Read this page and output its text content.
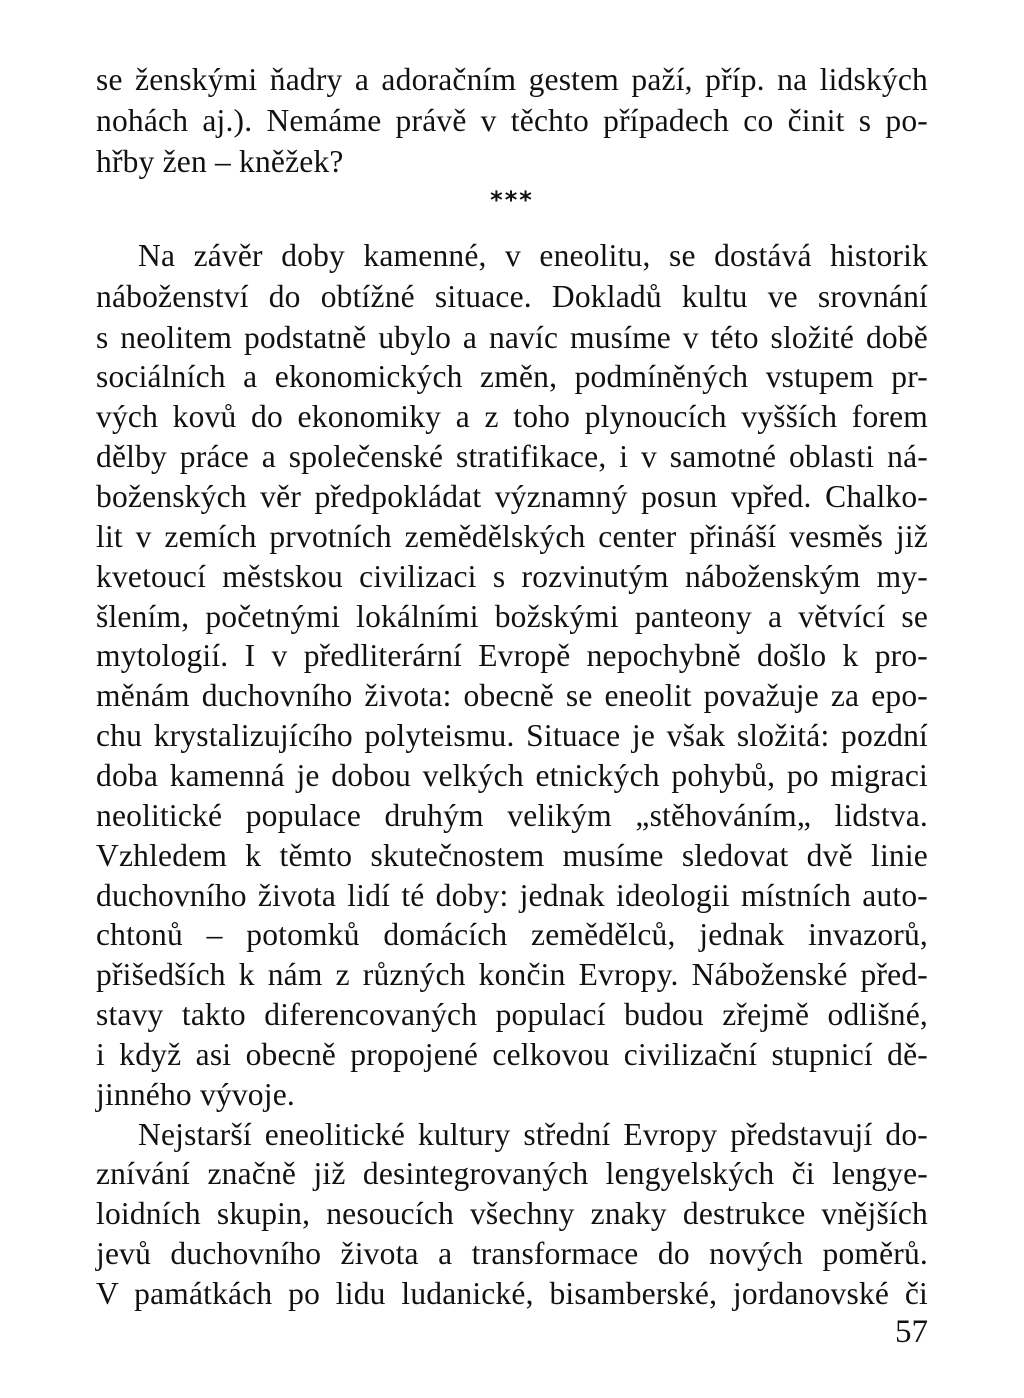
se ženskými ňadry a adoračním gestem paží, příp. na lidských
nohách aj.). Nemáme právě v těchto případech co činit s po-
hřby žen – kněžek?
***
Na závěr doby kamenné, v eneolitu, se dostává historik
náboženství do obtížné situace. Dokladů kultu ve srovnání
s neolitem podstatně ubylo a navíc musíme v této složité době
sociálních a ekonomických změn, podmíněných vstupem pr-
vých kovů do ekonomiky a z toho plynoucích vyšších forem
dělby práce a společenské stratifikace, i v samotné oblasti ná-
boženských věr předpokládat významný posun vpřed. Chalko-
lit v zemích prvotních zemědělských center přináší vesměs již
kvetoucí městskou civilizaci s rozvinutým náboženským my-
šlením, početnými lokálními božskými panteony a větvící se
mytologií. I v předliterární Evropě nepochybně došlo k pro-
měnám duchovního života: obecně se eneolit považuje za epo-
chu krystalizujícího polyteismu. Situace je však složitá: pozdní
doba kamenná je dobou velkých etnických pohybů, po migraci
neolitické populace druhým velikým „stěhováním„ lidstva.
Vzhledem k těmto skutečnostem musíme sledovat dvě linie
duchovního života lidí té doby: jednak ideologii místních auto-
chtonů – potomků domácích zemědělců, jednak invazorů,
přišedších k nám z různých končin Evropy. Náboženské před-
stavy takto diferencovaných populací budou zřejmě odlišné,
i když asi obecně propojené celkovou civilizační stupnicí dě-
jinného vývoje.
Nejstarší eneolitické kultury střední Evropy představují do-
znívání značně již desintegrovaných lengyelských či lengye-
loidních skupin, nesoucích všechny znaky destrukce vnějších
jevů duchovního života a transformace do nových poměrů.
V památkách po lidu ludanické, bisamberské, jordanovské či
57
